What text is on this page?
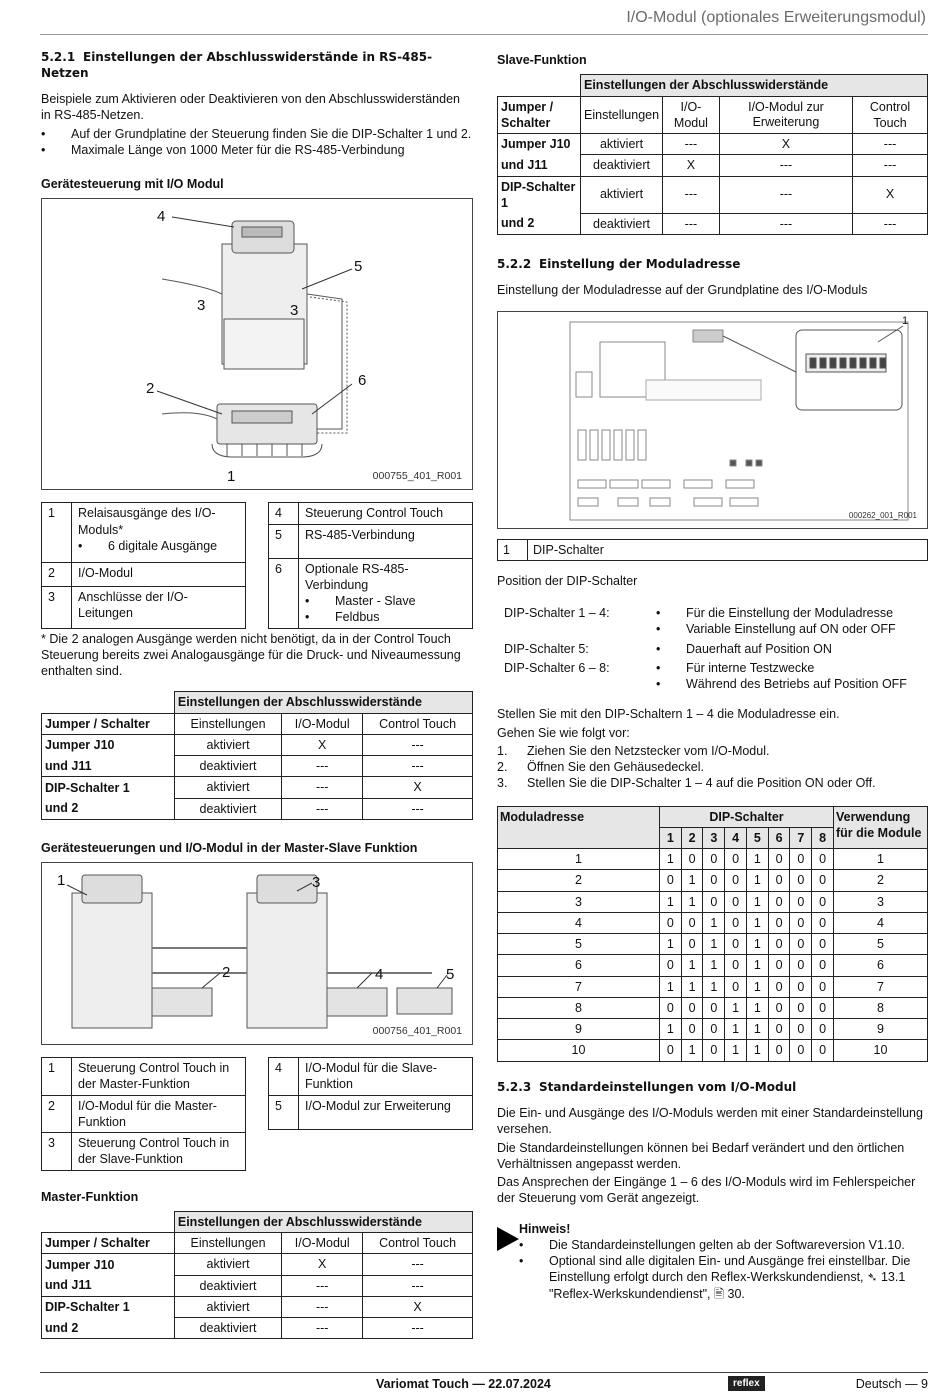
I/O-Modul (optionales Erweiterungsmodul)
5.2.1 Einstellungen der Abschlusswiderstände in RS-485-Netzen

Beispiele zum Aktivieren oder Deaktivieren von den Abschlusswiderständen in RS-485-Netzen.

•	Auf der Grundplatine der Steuerung finden Sie die DIP-Schalter 1 und 2.
•	Maximale Länge von 1000 Meter für die RS-485-Verbindung
Gerätesteuerung mit I/O Modul
4
5
3	3
6
2
1	000755_401_R001
1	Relaisausgänge des I/O-Moduls*
• 6 digitale Ausgänge

2	I/O-Modul
3	Anschlüsse der I/O-Leitungen
4	Steuerung Control Touch
5	RS-485-Verbindung
6	Optionale RS-485-Verbindung
• Master - Slave
• Feldbus

* Die 2 analogen Ausgänge werden nicht benötigt, da in der Control Touch Steuerung bereits zwei Analogausgänge für die Druck- und Niveaumessung enthalten sind.

	Einstellungen der Abschlusswiderstände		
Jumper / Schalter	Einstellungen	I/O-Modul	Control Touch
Jumper J10	aktiviert	X	---
und J11	deaktiviert	---	---
DIP-Schalter 1	aktiviert	---	X
und 2	deaktiviert	---	---
Gerätesteuerungen und I/O-Modul in der Master-Slave Funktion
1	3
2	4	5
000756_401_R001
1	Steuerung Control Touch in der Master-Funktion
2	I/O-Modul für die Master-Funktion
3	Steuerung Control Touch in der Slave-Funktion
4	I/O-Modul für die Slave-Funktion
5	I/O-Modul zur Erweiterung
Master-Funktion
	Einstellungen der Abschlusswiderstände		
Jumper / Schalter	Einstellungen	I/O-Modul	Control Touch
Jumper J10	aktiviert	X	---
und J11	deaktiviert	---	---
DIP-Schalter 1	aktiviert	---	X
und 2	deaktiviert	---	---
Slave-Funktion
	Einstellungen der Abschlusswiderstände			

Jumper /
Schalter	Einstellungen	I/O-Modul	I/O-Modul zur Erweiterung	Control Touch
Jumper J10	aktiviert	---	X	---
und J11	deaktiviert	X	---	---
DIP-Schalter 1	aktiviert	---	---	X
und 2	deaktiviert	---	---	---
5.2.2 Einstellung der Moduladresse

Einstellung der Moduladresse auf der Grundplatine des I/O-Moduls

1
000262_001_R001
1	DIP-Schalter

Position der DIP-Schalter

DIP-Schalter 1 – 4:	•	Für die Einstellung der Moduladresse
•	Variable Einstellung auf ON oder OFF
DIP-Schalter 5:	•	Dauerhaft auf Position ON
DIP-Schalter 6 – 8:	•	Für interne Testzwecke
•	Während des Betriebs auf Position OFF

Stellen Sie mit den DIP-Schaltern 1 – 4 die Moduladresse ein.

Gehen Sie wie folgt vor:

1.	Ziehen Sie den Netzstecker vom I/O-Modul.
2.	Öffnen Sie den Gehäusedeckel.
3.	Stellen Sie die DIP-Schalter 1 – 4 auf die Position ON oder Off.
Moduladresse	DIP-Schalter								Verwendung für die Module
	1	2	3	4	5	6	7	8	
1	1	0	0	0	1	0	0	0	1
2	0	1	0	0	1	0	0	0	2
3	1	1	0	0	1	0	0	0	3
4	0	0	1	0	1	0	0	0	4
5	1	0	1	0	1	0	0	0	5
6	0	1	1	0	1	0	0	0	6
7	1	1	1	0	1	0	0	0	7
8	0	0	0	1	1	0	0	0	8
9	1	0	0	1	1	0	0	0	9
10	0	1	0	1	1	0	0	0	10
5.2.3 Standardeinstellungen vom I/O-Modul

Die Ein- und Ausgänge des I/O-Moduls werden mit einer Standardeinstellung versehen.

Die Standardeinstellungen können bei Bedarf verändert und den örtlichen Verhältnissen angepasst werden.

Das Ansprechen der Eingänge 1 – 6 des I/O-Moduls wird im Fehlerspeicher der Steuerung vom Gerät angezeigt.

Hinweis!
•	Die Standardeinstellungen gelten ab der Softwareversion V1.10.
•	Optional sind alle digitalen Ein- und Ausgänge frei einstellbar. Die Einstellung erfolgt durch den Reflex-Werkskundendienst, ➴ 13.1 "Reflex-Werkskundendienst", 🖹 30.
Variomat Touch — 22.07.2024	reflex	Deutsch — 9
